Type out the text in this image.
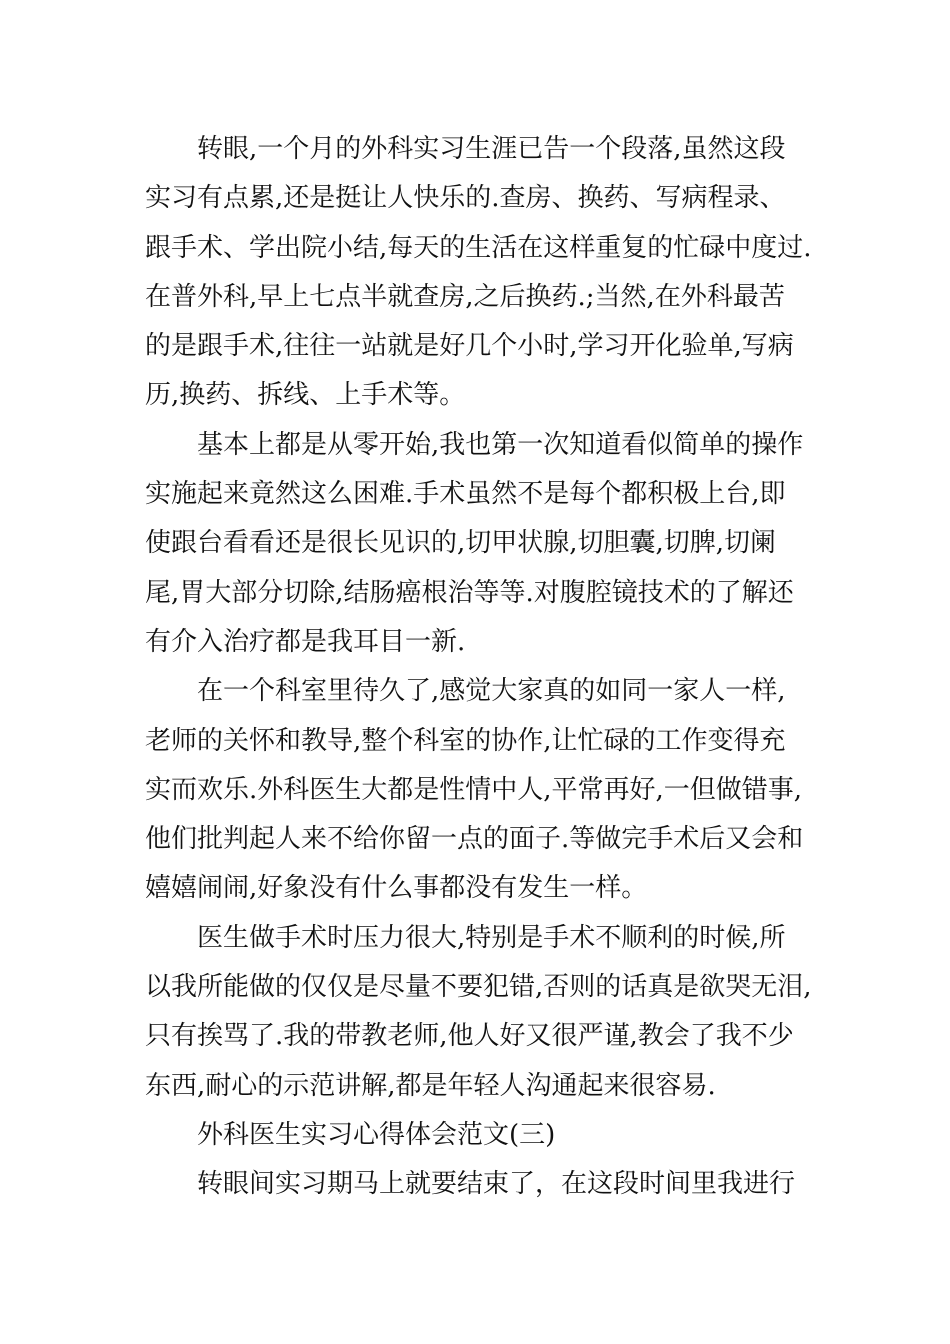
转眼,一个月的外科实习生涯已告一个段落,虽然这段
实习有点累,还是挺让人快乐的.查房、换药、写病程录、
跟手术、学出院小结,每天的生活在这样重复的忙碌中度过.
在普外科,早上七点半就查房,之后换药.;当然,在外科最苦
的是跟手术,往往一站就是好几个小时,学习开化验单,写病
历,换药、拆线、上手术等。
基本上都是从零开始,我也第一次知道看似简单的操作
实施起来竟然这么困难.手术虽然不是每个都积极上台,即
使跟台看看还是很长见识的,切甲状腺,切胆囊,切脾,切阑
尾,胃大部分切除,结肠癌根治等等.对腹腔镜技术的了解还
有介入治疗都是我耳目一新.
在一个科室里待久了,感觉大家真的如同一家人一样,
老师的关怀和教导,整个科室的协作,让忙碌的工作变得充
实而欢乐.外科医生大都是性情中人,平常再好,一但做错事,
他们批判起人来不给你留一点的面子.等做完手术后又会和
嬉嬉闹闹,好象没有什么事都没有发生一样。
医生做手术时压力很大,特别是手术不顺利的时候,所
以我所能做的仅仅是尽量不要犯错,否则的话真是欲哭无泪,
只有挨骂了.我的带教老师,他人好又很严谨,教会了我不少
东西,耐心的示范讲解,都是年轻人沟通起来很容易.
外科医生实习心得体会范文(三)
转眼间实习期马上就要结束了，在这段时间里我进行
